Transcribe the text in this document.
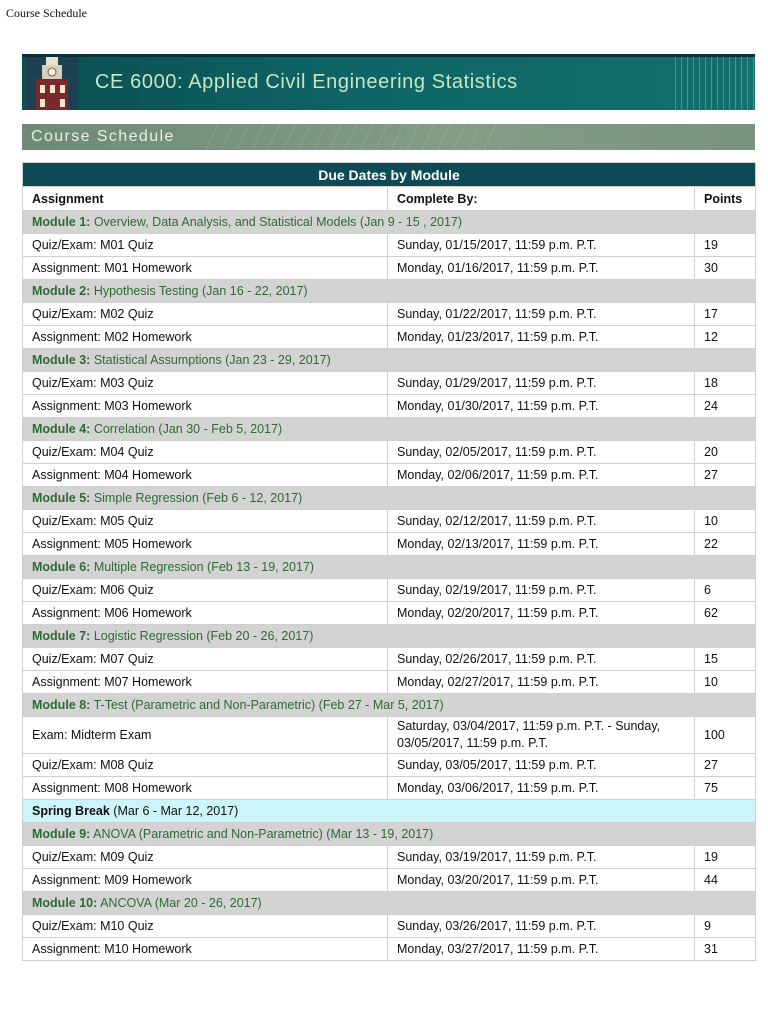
Course Schedule
CE 6000: Applied Civil Engineering Statistics
Course Schedule
Due Dates by Module		
Assignment	Complete By:	Points
Module 1: Overview, Data Analysis, and Statistical Models (Jan 9 - 15 , 2017)		
Quiz/Exam: M01 Quiz	Sunday, 01/15/2017, 11:59 p.m. P.T.	19
Assignment: M01 Homework	Monday, 01/16/2017, 11:59 p.m. P.T.	30
Module 2: Hypothesis Testing (Jan 16 - 22, 2017)		
Quiz/Exam: M02 Quiz	Sunday, 01/22/2017, 11:59 p.m. P.T.	17
Assignment: M02 Homework	Monday, 01/23/2017, 11:59 p.m. P.T.	12
Module 3: Statistical Assumptions (Jan 23 - 29, 2017)		
Quiz/Exam: M03 Quiz	Sunday, 01/29/2017, 11:59 p.m. P.T.	18
Assignment: M03 Homework	Monday, 01/30/2017, 11:59 p.m. P.T.	24
Module 4: Correlation (Jan 30 - Feb 5, 2017)		
Quiz/Exam: M04 Quiz	Sunday, 02/05/2017, 11:59 p.m. P.T.	20
Assignment: M04 Homework	Monday, 02/06/2017, 11:59 p.m. P.T.	27
Module 5: Simple Regression (Feb 6 - 12, 2017)		
Quiz/Exam: M05 Quiz	Sunday, 02/12/2017, 11:59 p.m. P.T.	10
Assignment: M05 Homework	Monday, 02/13/2017, 11:59 p.m. P.T.	22
Module 6: Multiple Regression (Feb 13 - 19, 2017)		
Quiz/Exam: M06 Quiz	Sunday, 02/19/2017, 11:59 p.m. P.T.	6
Assignment: M06 Homework	Monday, 02/20/2017, 11:59 p.m. P.T.	62
Module 7: Logistic Regression (Feb 20 - 26, 2017)		
Quiz/Exam: M07 Quiz	Sunday, 02/26/2017, 11:59 p.m. P.T.	15
Assignment: M07 Homework	Monday, 02/27/2017, 11:59 p.m. P.T.	10
Module 8: T-Test (Parametric and Non-Parametric) (Feb 27 - Mar 5, 2017)		
Exam: Midterm Exam	Saturday, 03/04/2017, 11:59 p.m. P.T. - Sunday, 03/05/2017, 11:59 p.m. P.T.	100
Quiz/Exam: M08 Quiz	Sunday, 03/05/2017, 11:59 p.m. P.T.	27
Assignment: M08 Homework	Monday, 03/06/2017, 11:59 p.m. P.T.	75
Spring Break (Mar 6 - Mar 12, 2017)		
Module 9: ANOVA (Parametric and Non-Parametric) (Mar 13 - 19, 2017)		
Quiz/Exam: M09 Quiz	Sunday, 03/19/2017, 11:59 p.m. P.T.	19
Assignment: M09 Homework	Monday, 03/20/2017, 11:59 p.m. P.T.	44
Module 10: ANCOVA (Mar 20 - 26, 2017)		
Quiz/Exam: M10 Quiz	Sunday, 03/26/2017, 11:59 p.m. P.T.	9
Assignment: M10 Homework	Monday, 03/27/2017, 11:59 p.m. P.T.	31
